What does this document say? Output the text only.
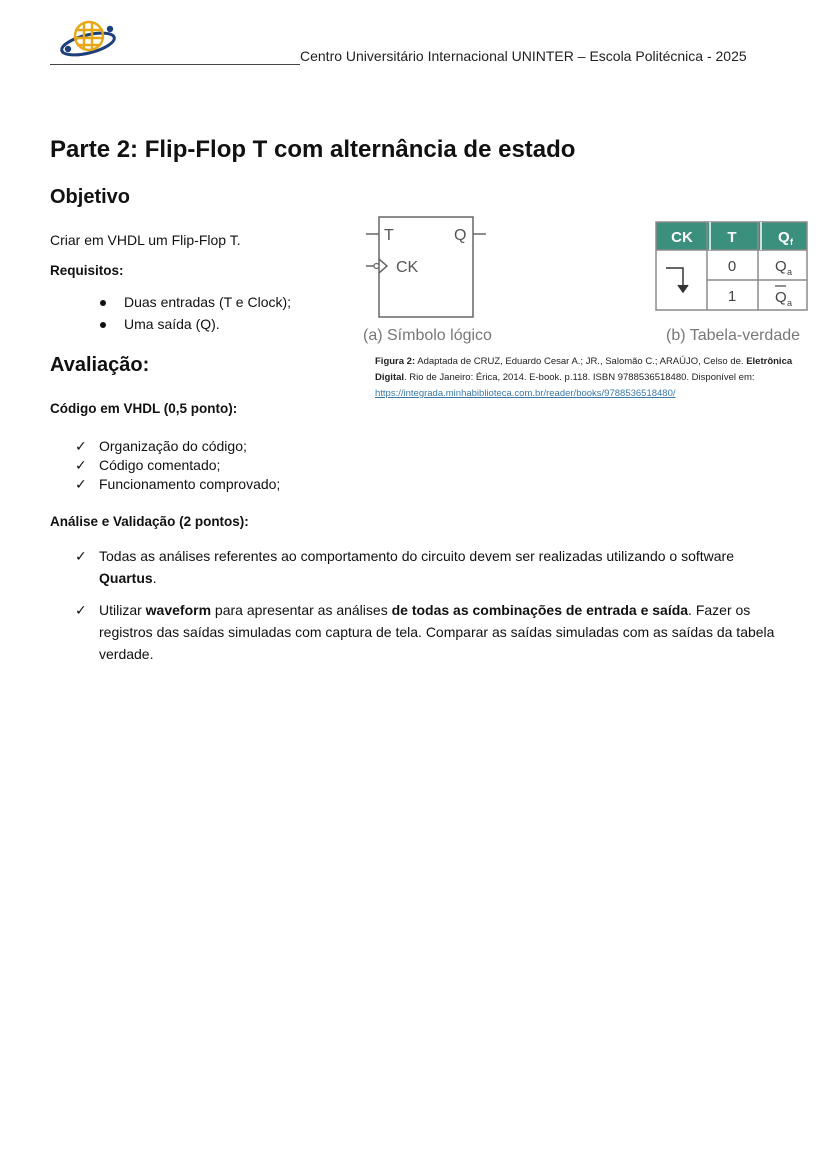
Centro Universitário Internacional UNINTER – Escola Politécnica - 2025
Parte 2: Flip-Flop T com alternância de estado
Objetivo
Criar em VHDL um Flip-Flop T.
Requisitos:
Duas entradas (T e Clock);
Uma saída (Q).
Avaliação:
Código em VHDL (0,5 ponto):
✓ Organização do código;
✓ Código comentado;
✓ Funcionamento comprovado;
Análise e Validação (2 pontos):
✓ Todas as análises referentes ao comportamento do circuito devem ser realizadas utilizando o software Quartus.
✓ Utilizar waveform para apresentar as análises de todas as combinações de entrada e saída. Fazer os registros das saídas simuladas com captura de tela. Comparar as saídas simuladas com as saídas da tabela verdade.
T	Q
CK
(a) Símbolo lógico
CK T	Q f
0
1
Q a
Q a
(b) Tabela-verdade
Figura 2: Adaptada de CRUZ, Eduardo Cesar A.; JR., Salomão C.; ARAÚJO, Celso de. Eletrônica Digital. Rio de Janeiro: Érica, 2014. E-book. p.118. ISBN 9788536518480. Disponível em: https://integrada.minhabiblioteca.com.br/reader/books/9788536518480/
